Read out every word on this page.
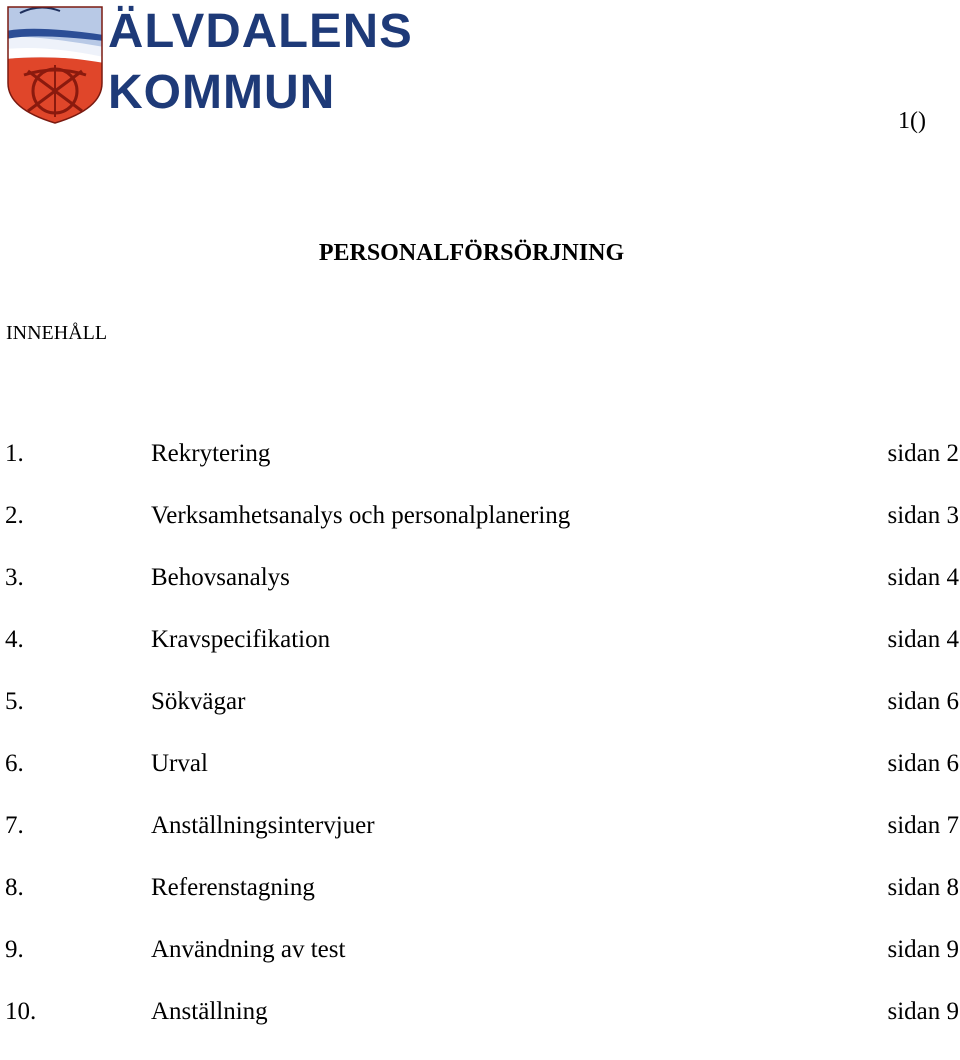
ÄLVDALENS
KOMMUN
1()
PERSONALFÖRSÖRJNING
INNEHÅLL
1.	Rekrytering	sidan 2
2.	Verksamhetsanalys och personalplanering	sidan 3
3.	Behovsanalys	sidan 4
4.	Kravspecifikation	sidan 4
5.	Sökvägar	sidan 6
6.	Urval	sidan 6
7.	Anställningsintervjuer	sidan 7
8.	Referenstagning	sidan 8
9.	Användning av test	sidan 9
10.	Anställning	sidan 9
